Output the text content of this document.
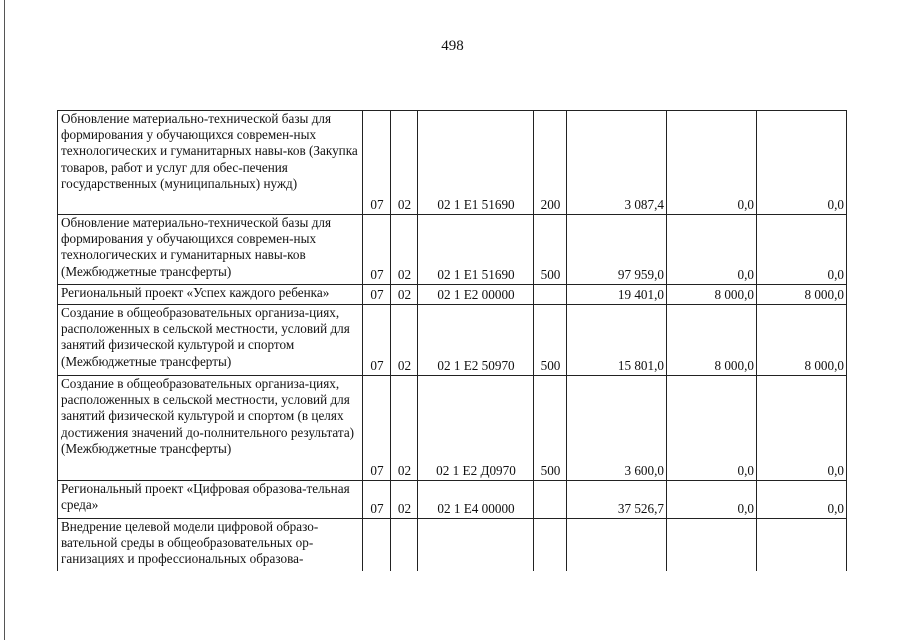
498
Обновление материально-технической базы для формирования у обучающихся современ-ных технологических и гуманитарных навы-ков (Закупка товаров, работ и услуг для обес-печения государственных (муниципальных) нужд)	07	02	02 1 E1 51690	200	3 087,4	0,0	0,0
Обновление материально-технической базы для формирования у обучающихся современ-ных технологических и гуманитарных навы-ков (Межбюджетные трансферты)	07	02	02 1 E1 51690	500	97 959,0	0,0	0,0
Региональный проект «Успех каждого ребенка»	07	02	02 1 E2 00000		19 401,0	8 000,0	8 000,0
Создание в общеобразовательных организа-циях, расположенных в сельской местности, условий для занятий физической культурой и спортом (Межбюджетные трансферты)	07	02	02 1 E2 50970	500	15 801,0	8 000,0	8 000,0
Создание в общеобразовательных организа-циях, расположенных в сельской местности, условий для занятий физической культурой и спортом (в целях достижения значений до-полнительного результата) (Межбюджетные трансферты)	07	02	02 1 E2 Д0970	500	3 600,0	0,0	0,0
Региональный проект «Цифровая образова-тельная среда»	07	02	02 1 E4 00000		37 526,7	0,0	0,0
Внедрение целевой модели цифровой образо-вательной среды в общеобразовательных ор-ганизациях и профессиональных образова-							
